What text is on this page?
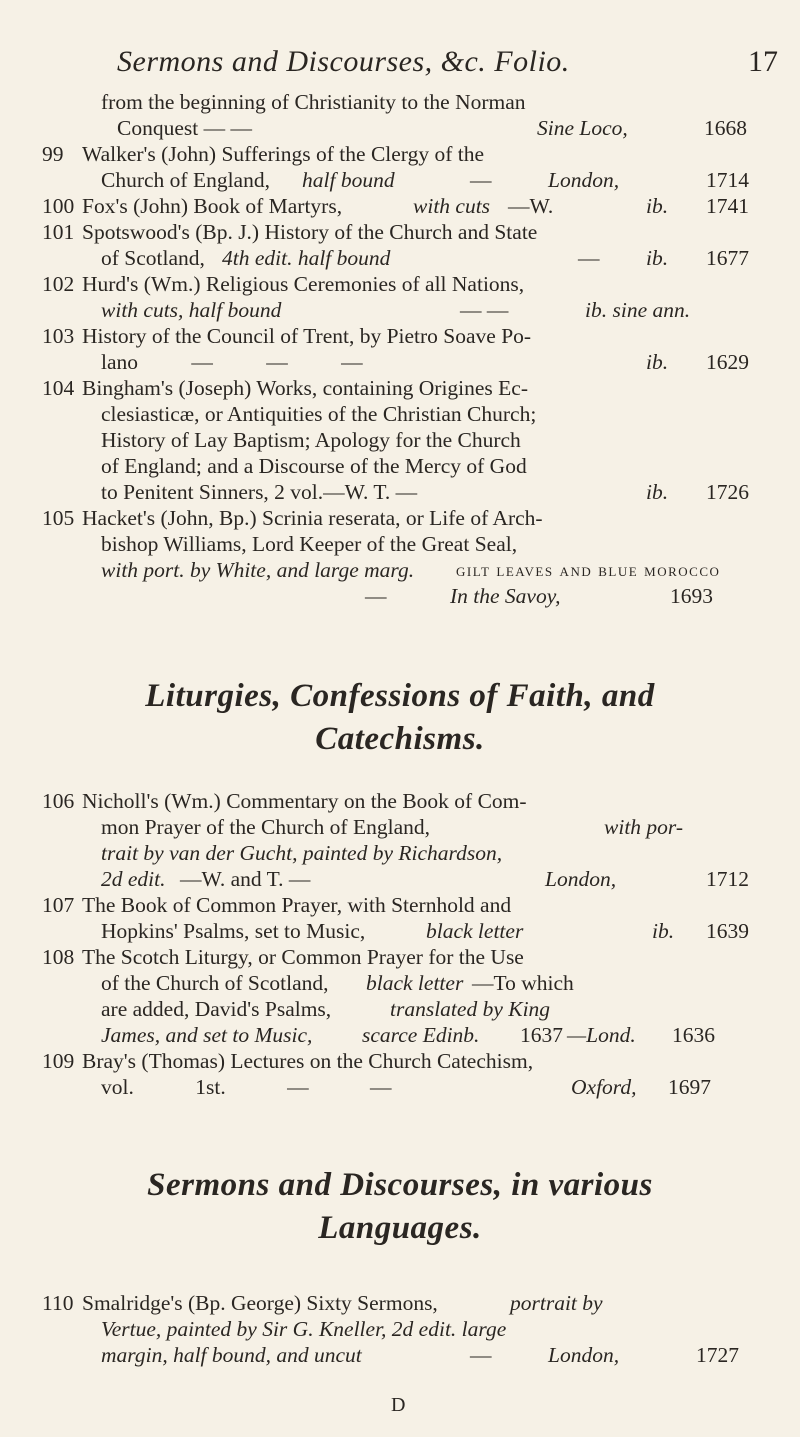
Sermons and Discourses, &c. Folio.	17
from the beginning of Christianity to the Norman
Conquest — —	Sine Loco,	1668
99 Walker's (John) Sufferings of the Clergy of the
Church of England, half bound	—	London,	1714
100 Fox's (John) Book of Martyrs,	with cuts —W.	ib. 1741
101 Spotswood's (Bp. J.) History of the Church and State
of Scotland, 4th edit. half bound	— ib. 1677
102 Hurd's (Wm.) Religious Ceremonies of all Nations,
with cuts, half bound	— —	ib. sine ann.
103 History of the Council of Trent, by Pietro Soave Po-
lano — — —	ib. 1629
104 Bingham's (Joseph) Works, containing Origines Ec-
clesiasticæ, or Antiquities of the Christian Church;
History of Lay Baptism; Apology for the Church
of England; and a Discourse of the Mercy of God
to Penitent Sinners, 2 vol.—W. T. —	ib. 1726
105 Hacket's (John, Bp.) Scrinia reserata, or Life of Arch-
bishop Williams, Lord Keeper of the Great Seal,
with port. by White, and large marg. gilt leaves and blue morocco
—	In the Savoy,	1693
Liturgies, Confessions of Faith, and
Catechisms.
106 Nicholl's (Wm.) Commentary on the Book of Com-
mon Prayer of the Church of England,	with por-
trait by van der Gucht, painted by Richardson,
2d edit. —W. and T. —	London,	1712
107 The Book of Common Prayer, with Sternhold and
Hopkins' Psalms, set to Music,	black letter	ib. 1639
108 The Scotch Liturgy, or Common Prayer for the Use
of the Church of Scotland, black letter —To which
are added, David's Psalms,	translated by King
James, and set to Music, scarce Edinb. 1637 —Lond. 1636
109 Bray's (Thomas) Lectures on the Church Catechism,
vol. 1st. — —	Oxford, 1697
Sermons and Discourses, in various
Languages.
110 Smalridge's (Bp. George) Sixty Sermons,	portrait by
Vertue, painted by Sir G. Kneller, 2d edit. large
margin, half bound, and uncut	—	London,	1727
D
